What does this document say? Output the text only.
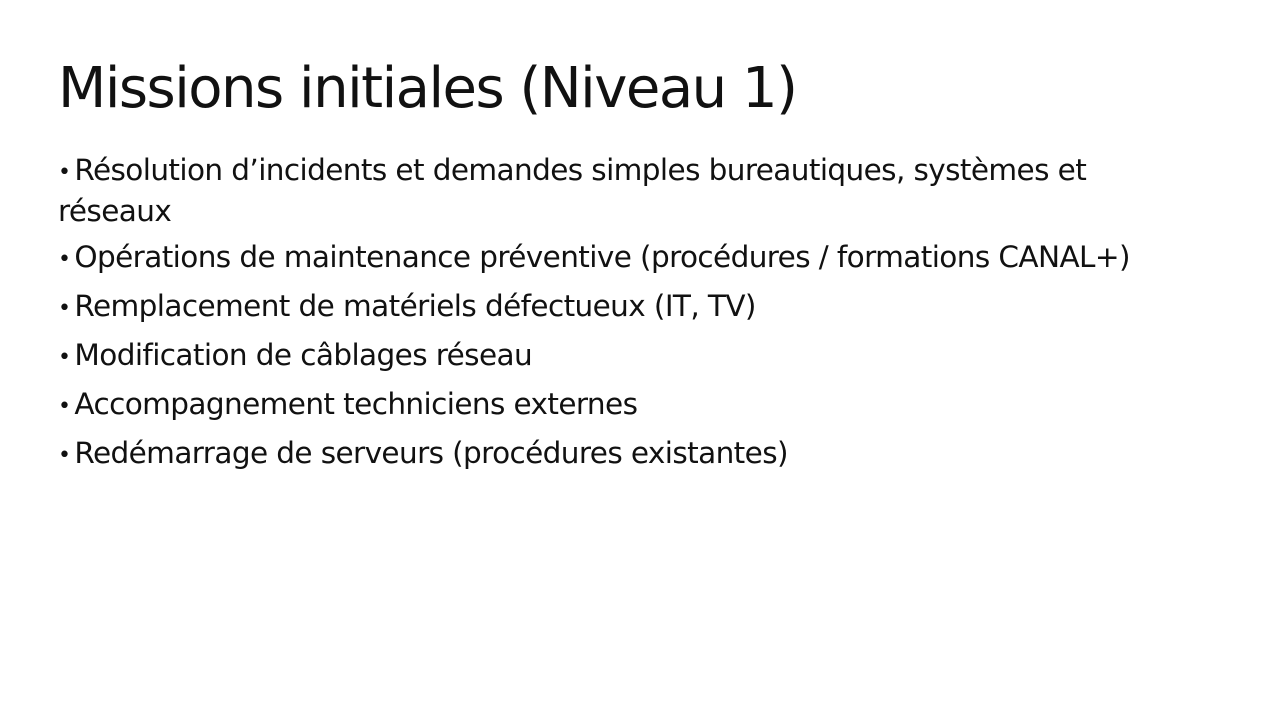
Missions initiales (Niveau 1)
• Résolution d’incidents et demandes simples bureautiques, systèmes et réseaux
• Opérations de maintenance préventive (procédures / formations CANAL+)
• Remplacement de matériels défectueux (IT, TV)
• Modification de câblages réseau
• Accompagnement techniciens externes
• Redémarrage de serveurs (procédures existantes)
